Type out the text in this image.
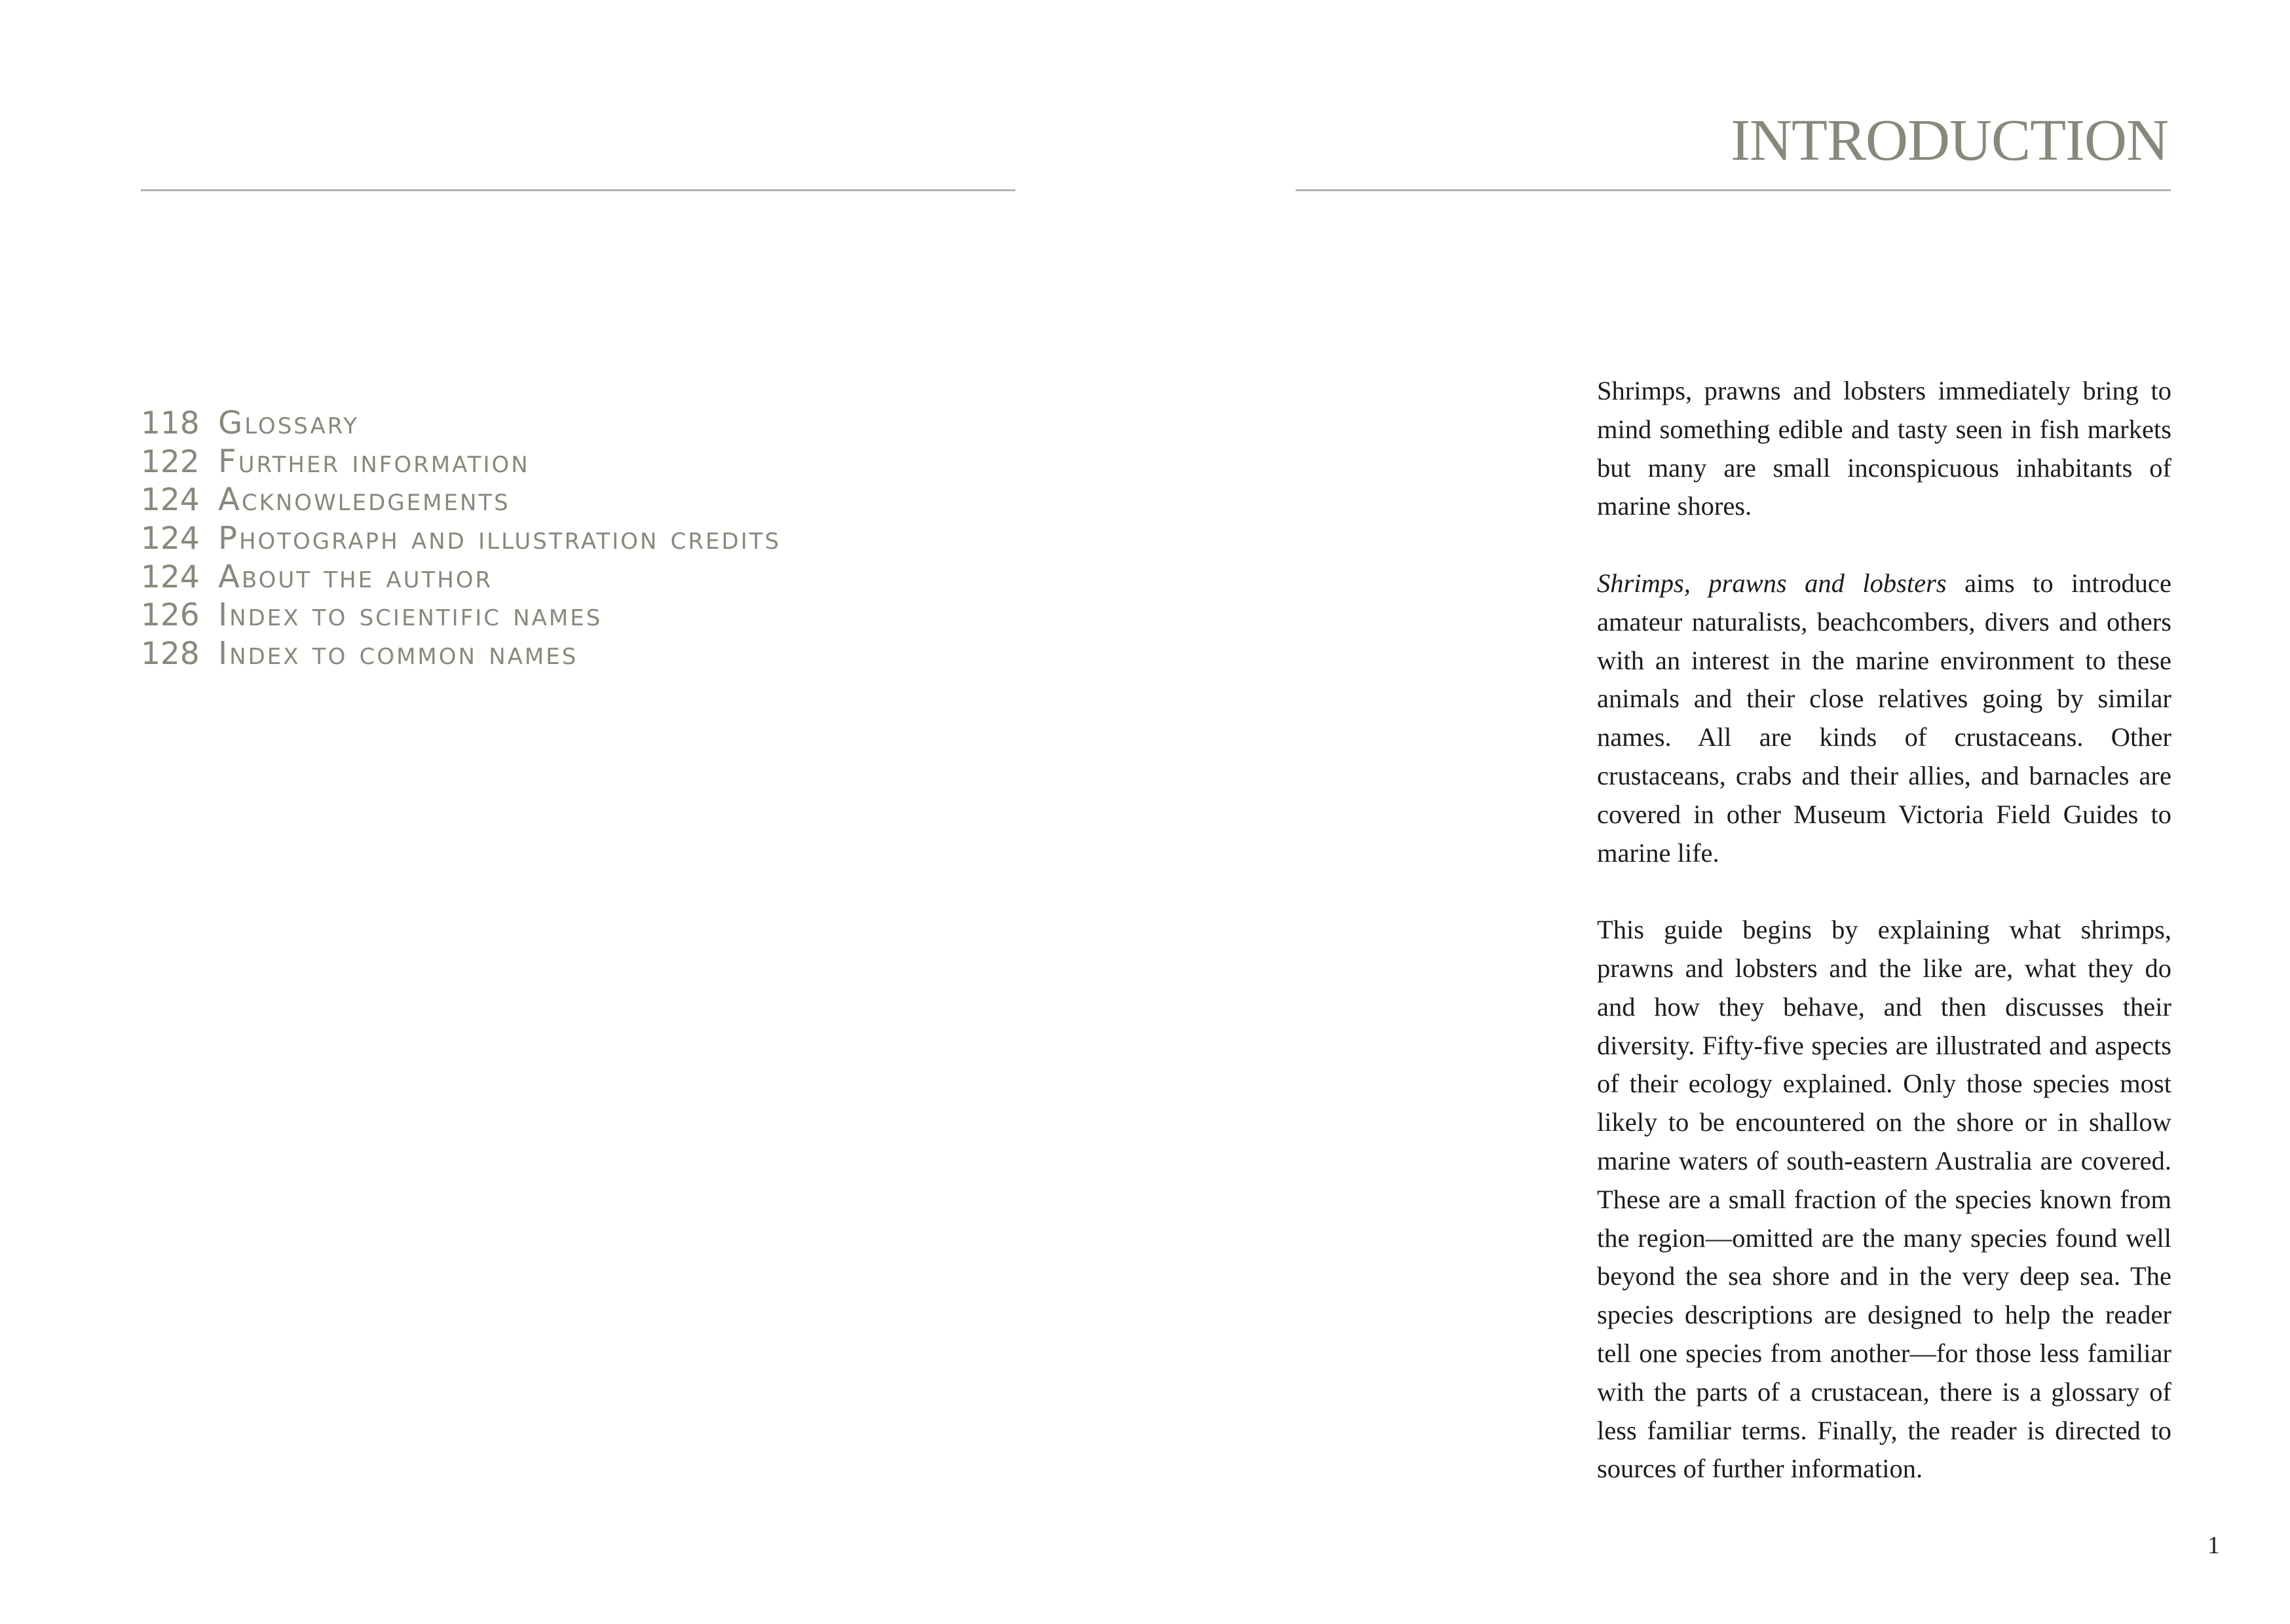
INTRODUCTION
118 Glossary
122 Further information
124 Acknowledgements
124 Photograph and illustration credits
124 About the author
126 Index to scientific names
128 Index to common names

Shrimps, prawns and lobsters immediately bring to mind something edible and tasty seen in fish markets but many are small inconspicuous inhabitants of marine shores.

Shrimps, prawns and lobsters aims to introduce amateur naturalists, beachcombers, divers and others with an interest in the marine environment to these animals and their close relatives going by similar names. All are kinds of crustaceans. Other crustaceans, crabs and their allies, and barnacles are covered in other Museum Victoria Field Guides to marine life.

This guide begins by explaining what shrimps, prawns and lobsters and the like are, what they do and how they behave, and then discusses their diversity. Fifty-five species are illustrated and aspects of their ecology explained. Only those species most likely to be encountered on the shore or in shallow marine waters of south-eastern Australia are covered. These are a small fraction of the species known from the region—omitted are the many species found well beyond the sea shore and in the very deep sea. The species descriptions are designed to help the reader tell one species from another—for those less familiar with the parts of a crustacean, there is a glossary of less familiar terms. Finally, the reader is directed to sources of further information.

1
